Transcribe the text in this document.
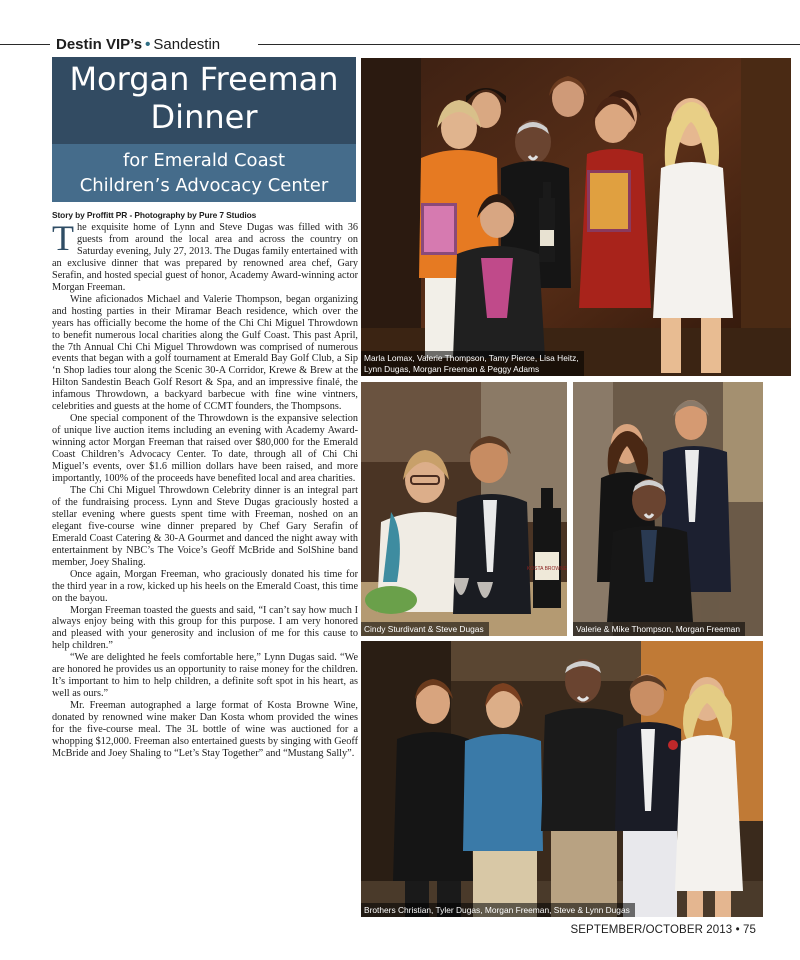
Destin VIP’s • Sandestin
Morgan Freeman
Dinner
for Emerald Coast
Children’s Advocacy Center
Story by Proffitt PR - Photography by Pure 7 Studios

The exquisite home of Lynn and Steve Dugas was filled with 36 guests from around the local area and across the country on Saturday evening, July 27, 2013. The Dugas family entertained with an exclusive dinner that was prepared by renowned area chef, Gary Serafin, and hosted special guest of honor, Academy Award-winning actor Morgan Freeman.

Wine aficionados Michael and Valerie Thompson, began organizing and hosting parties in their Miramar Beach residence, which over the years has officially become the home of the Chi Chi Miguel Throwdown to benefit numerous local charities along the Gulf Coast. This past April, the 7th Annual Chi Chi Miguel Throwdown was comprised of numerous events that began with a golf tournament at Emerald Bay Golf Club, a Sip ‘n Shop ladies tour along the Scenic 30-A Corridor, Krewe & Brew at the Hilton Sandestin Beach Golf Resort & Spa, and an impressive finalé, the infamous Throwdown, a backyard barbecue with fine wine vintners, celebrities and guests at the home of CCMT founders, the Thompsons.

One special component of the Throwdown is the expansive selection of unique live auction items including an evening with Academy Award-winning actor Morgan Freeman that raised over $80,000 for the Emerald Coast Children’s Advocacy Center. To date, through all of Chi Chi Miguel’s events, over $1.6 million dollars have been raised, and more importantly, 100% of the proceeds have benefited local and area charities.

The Chi Chi Miguel Throwdown Celebrity dinner is an integral part of the fundraising process. Lynn and Steve Dugas graciously hosted a stellar evening where guests spent time with Freeman, noshed on an elegant five-course wine dinner prepared by Chef Gary Serafin of Emerald Coast Catering & 30-A Gourmet and danced the night away with entertainment by NBC’s The Voice’s Geoff McBride and SolShine band member, Joey Shaling.

Once again, Morgan Freeman, who graciously donated his time for the third year in a row, kicked up his heels on the Emerald Coast, this time on the bayou.

Morgan Freeman toasted the guests and said, “I can’t say how much I always enjoy being with this group for this purpose. I am very honored and pleased with your generosity and inclusion of me for this cause to help children.”

“We are delighted he feels comfortable here,” Lynn Dugas said. “We are honored he provides us an opportunity to raise money for the children. It’s important to him to help children, a definite soft spot in his heart, as well as ours.”

Mr. Freeman autographed a large format of Kosta Browne Wine, donated by renowned wine maker Dan Kosta whom provided the wines for the five-course meal. The 3L bottle of wine was auctioned for a whopping $12,000. Freeman also entertained guests by singing with Geoff McBride and Joey Shaling to “Let’s Stay Together” and “Mustang Sally”.

Marla Lomax, Valerie Thompson, Tamy Pierce, Lisa Heitz,
Lynn Dugas, Morgan Freeman & Peggy Adams
KOSTA BROWNE
Cindy Sturdivant & Steve Dugas	Valerie & Mike Thompson, Morgan Freeman
Brothers Christian, Tyler Dugas, Morgan Freeman, Steve & Lynn Dugas
SEPTEMBER/OCTOBER 2013 • 75
